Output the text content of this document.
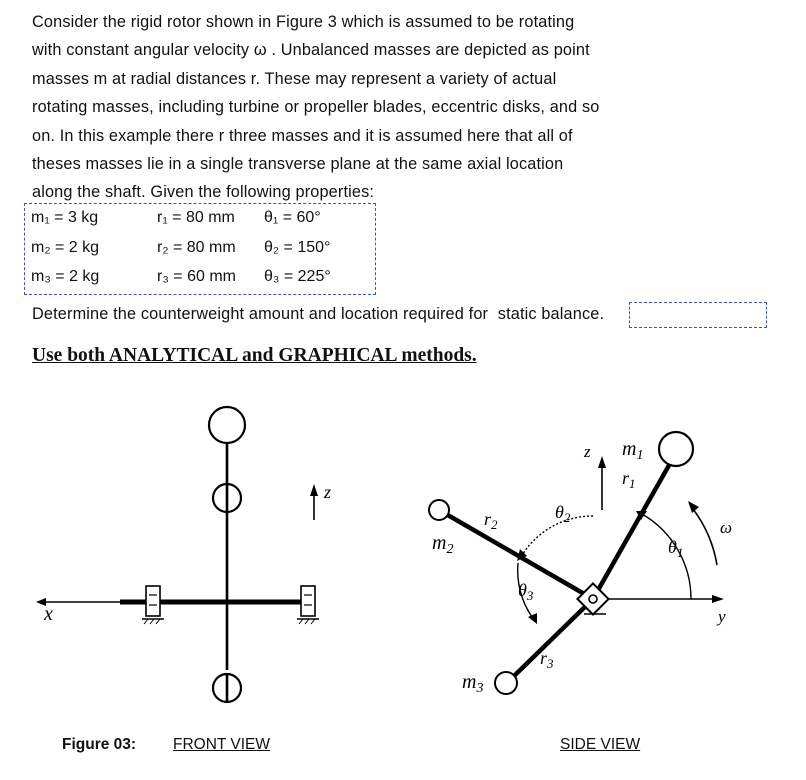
Consider the rigid rotor shown in Figure 3 which is assumed to be rotating
with constant angular velocity ω . Unbalanced masses are depicted as point
masses m at radial distances r. These may represent a variety of actual
rotating masses, including turbine or propeller blades, eccentric disks, and so
on. In this example there r three masses and it is assumed here that all of
theses masses lie in a single transverse plane at the same axial location
along the shaft. Given the following properties:
m₁ = 3 kg	r₁ = 80 mm θ₁ = 60°
m₂ = 2 kg	r₂ = 80 mm θ₂ = 150°
m₃ = 2 kg	r₃ = 60 mm θ₃ = 225°
Determine the counterweight amount and location required for static balance.
Use both ANALYTICAL and GRAPHICAL methods.
x
z
z
y
ω
$m_1$
$r_1$
$m_2$
$r_2$
$m_3$
$r_3$
$\theta_1$
$\theta_2$
$\theta_3$
Figure 03: FRONT VIEW	SIDE VIEW
